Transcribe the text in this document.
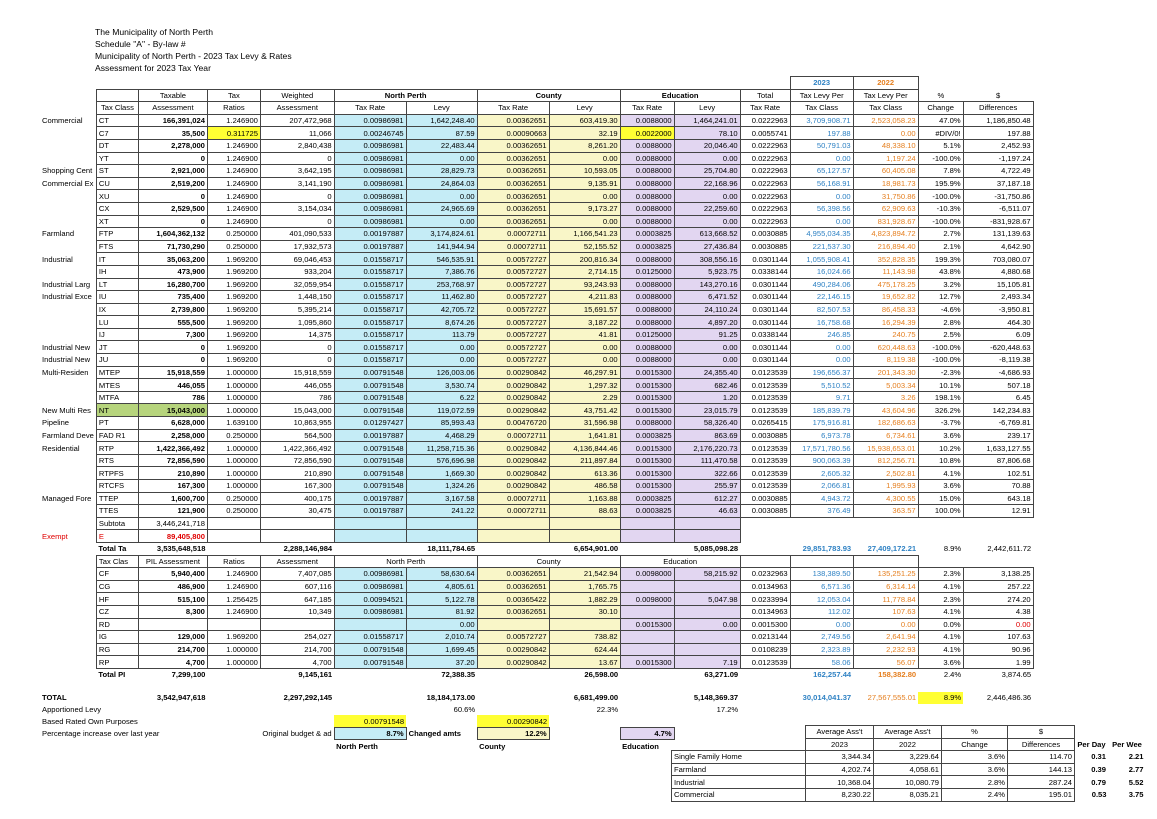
The Municipality of North Perth
Schedule "A" - By-law #
Municipality of North Perth - 2023 Tax Levy & Rates
Assessment for 2023 Tax Year
												2023	2022		
		Taxable	Tax	Weighted	North Perth		County		Education		Total	Tax Levy Per	Tax Levy Per	%	$
	Tax Class	Assessment	Ratios	Assessment	Tax Rate	Levy	Tax Rate	Levy	Tax Rate	Levy	Tax Rate	Tax Class	Tax Class	Change	Differences
Commercial	CT	166,391,024	1.246900	207,472,968	0.00986981	1,642,248.40	0.00362651	603,419.30	0.0088000	1,464,241.01	0.0222963	3,709,908.71	2,523,058.23	47.0%	1,186,850.48
	C7	35,500	0.311725	11,066	0.00246745	87.59	0.00090663	32.19	0.0022000	78.10	0.0055741	197.88	0.00	#DIV/0!	197.88
	DT	2,278,000	1.246900	2,840,438	0.00986981	22,483.44	0.00362651	8,261.20	0.0088000	20,046.40	0.0222963	50,791.03	48,338.10	5.1%	2,452.93
	YT	0	1.246900	0	0.00986981	0.00	0.00362651	0.00	0.0088000	0.00	0.0222963	0.00	1,197.24	-100.0%	-1,197.24
Shopping Cent	ST	2,921,000	1.246900	3,642,195	0.00986981	28,829.73	0.00362651	10,593.05	0.0088000	25,704.80	0.0222963	65,127.57	60,405.08	7.8%	4,722.49
Commercial Ex	CU	2,519,200	1.246900	3,141,190	0.00986981	24,864.03	0.00362651	9,135.91	0.0088000	22,168.96	0.0222963	56,168.91	18,981.73	195.9%	37,187.18
	XU	0	1.246900	0	0.00986981	0.00	0.00362651	0.00	0.0088000	0.00	0.0222963	0.00	31,750.86	-100.0%	-31,750.86
	CX	2,529,500	1.246900	3,154,034	0.00986981	24,965.69	0.00362651	9,173.27	0.0088000	22,259.60	0.0222963	56,398.56	62,909.63	-10.3%	-6,511.07
	XT	0	1.246900	0	0.00986981	0.00	0.00362651	0.00	0.0088000	0.00	0.0222963	0.00	831,928.67	-100.0%	-831,928.67
Farmland	FTP	1,604,362,132	0.250000	401,090,533	0.00197887	3,174,824.61	0.00072711	1,166,541.23	0.0003825	613,668.52	0.0030885	4,955,034.35	4,823,894.72	2.7%	131,139.63
	FTS	71,730,290	0.250000	17,932,573	0.00197887	141,944.94	0.00072711	52,155.52	0.0003825	27,436.84	0.0030885	221,537.30	216,894.40	2.1%	4,642.90
Industrial	IT	35,063,200	1.969200	69,046,453	0.01558717	546,535.91	0.00572727	200,816.34	0.0088000	308,556.16	0.0301144	1,055,908.41	352,828.35	199.3%	703,080.07
	IH	473,900	1.969200	933,204	0.01558717	7,386.76	0.00572727	2,714.15	0.0125000	5,923.75	0.0338144	16,024.66	11,143.98	43.8%	4,880.68
Industrial Larg	LT	16,280,700	1.969200	32,059,954	0.01558717	253,768.97	0.00572727	93,243.93	0.0088000	143,270.16	0.0301144	490,284.06	475,178.25	3.2%	15,105.81
Industrial Exce	IU	735,400	1.969200	1,448,150	0.01558717	11,462.80	0.00572727	4,211.83	0.0088000	6,471.52	0.0301144	22,146.15	19,652.82	12.7%	2,493.34
	IX	2,739,800	1.969200	5,395,214	0.01558717	42,705.72	0.00572727	15,691.57	0.0088000	24,110.24	0.0301144	82,507.53	86,458.33	-4.6%	-3,950.81
	LU	555,500	1.969200	1,095,860	0.01558717	8,674.26	0.00572727	3,187.22	0.0088000	4,897.20	0.0301144	16,758.68	16,294.39	2.8%	464.30
	IJ	7,300	1.969200	14,375	0.01558717	113.79	0.00572727	41.81	0.0125000	91.25	0.0338144	246.85	240.75	2.5%	6.09
Industrial New	JT	0	1.969200	0	0.01558717	0.00	0.00572727	0.00	0.0088000	0.00	0.0301144	0.00	620,448.63	-100.0%	-620,448.63
Industrial New	JU	0	1.969200	0	0.01558717	0.00	0.00572727	0.00	0.0088000	0.00	0.0301144	0.00	8,119.38	-100.0%	-8,119.38
Multi-Residen	MTEP	15,918,559	1.000000	15,918,559	0.00791548	126,003.06	0.00290842	46,297.91	0.0015300	24,355.40	0.0123539	196,656.37	201,343.30	-2.3%	-4,686.93
	MTES	446,055	1.000000	446,055	0.00791548	3,530.74	0.00290842	1,297.32	0.0015300	682.46	0.0123539	5,510.52	5,003.34	10.1%	507.18
	MTFA	786	1.000000	786	0.00791548	6.22	0.00290842	2.29	0.0015300	1.20	0.0123539	9.71	3.26	198.1%	6.45
New Multi Res	NT	15,043,000	1.000000	15,043,000	0.00791548	119,072.59	0.00290842	43,751.42	0.0015300	23,015.79	0.0123539	185,839.79	43,604.96	326.2%	142,234.83
Pipeline	PT	6,628,000	1.639100	10,863,955	0.01297427	85,993.43	0.00476720	31,596.98	0.0088000	58,326.40	0.0265415	175,916.81	182,686.63	-3.7%	-6,769.81
Farmland Deve	FAD R1	2,258,000	0.250000	564,500	0.00197887	4,468.29	0.00072711	1,641.81	0.0003825	863.69	0.0030885	6,973.78	6,734.61	3.6%	239.17
Residential	RTP	1,422,366,492	1.000000	1,422,366,492	0.00791548	11,258,715.36	0.00290842	4,136,844.46	0.0015300	2,176,220.73	0.0123539	17,571,780.56	15,938,653.01	10.2%	1,633,127.55
	RTS	72,856,590	1.000000	72,856,590	0.00791548	576,696.98	0.00290842	211,897.84	0.0015300	111,470.58	0.0123539	900,063.39	812,256.71	10.8%	87,806.68
	RTPFS	210,890	1.000000	210,890	0.00791548	1,669.30	0.00290842	613.36	0.0015300	322.66	0.0123539	2,605.32	2,502.81	4.1%	102.51
	RTCFS	167,300	1.000000	167,300	0.00791548	1,324.26	0.00290842	486.58	0.0015300	255.97	0.0123539	2,066.81	1,995.93	3.6%	70.88
Managed Fore	TTEP	1,600,700	0.250000	400,175	0.00197887	3,167.58	0.00072711	1,163.88	0.0003825	612.27	0.0030885	4,943.72	4,300.55	15.0%	643.18
	TTES	121,900	0.250000	30,475	0.00197887	241.22	0.00072711	88.63	0.0003825	46.63	0.0030885	376.49	363.57	100.0%	12.91
	Subtota	3,446,241,718													
Exempt	E	89,405,800													
	Total Ta	3,535,648,518		2,288,146,984		18,111,784.65		6,654,901.00		5,085,098.28		29,851,783.93	27,409,172.21	8.9%	2,442,611.72
	Tax Clas	PIL Assessment	Ratios	Assessment	North Perth		County		Education						
	CF	5,940,400	1.246900	7,407,085	0.00986981	58,630.64	0.00362651	21,542.94	0.0098000	58,215.92	0.0232963	138,389.50	135,251.25	2.3%	3,138.25
	CG	486,900	1.246900	607,116	0.00986981	4,805.61	0.00362651	1,765.75			0.0134963	6,571.36	6,314.14	4.1%	257.22
	HF	515,100	1.256425	647,185	0.00994521	5,122.78	0.00365422	1,882.29	0.0098000	5,047.98	0.0233994	12,053.04	11,778.84	2.3%	274.20
	CZ	8,300	1.246900	10,349	0.00986981	81.92	0.00362651	30.10			0.0134963	112.02	107.63	4.1%	4.38
	RD					0.00			0.0015300	0.00	0.0015300	0.00	0.00	0.0%	0.00
	IG	129,000	1.969200	254,027	0.01558717	2,010.74	0.00572727	738.82			0.0213144	2,749.56	2,641.94	4.1%	107.63
	RG	214,700	1.000000	214,700	0.00791548	1,699.45	0.00290842	624.44			0.0108239	2,323.89	2,232.93	4.1%	90.96
	RP	4,700	1.000000	4,700	0.00791548	37.20	0.00290842	13.67	0.0015300	7.19	0.0123539	58.06	56.07	3.6%	1.99
	Total PI	7,299,100		9,145,161		72,388.35		26,598.00		63,271.09		162,257.44	158,382.80	2.4%	3,874.65

TOTAL		3,542,947,618		2,297,292,145		18,184,173.00		6,681,499.00		5,148,369.37		30,014,041.37	27,567,555.01	8.9%	2,446,486.36
Apportioned Levy						60.6%		22.3%		17.2%					
Based Rated Own Purposes					0.00791548		0.00290842								
Percentage increase over last year				Original budget & ad	8.7%	Changed amts	12.2%		4.7%						
					North Perth		County		Education						
	Average Ass't	Average Ass't	%	$		
	2023	2022	Change	Differences	Per Day	Per Wee
Single Family Home	3,344.34	3,229.64	3.6%	114.70	0.31	2.21
Farmland	4,202.74	4,058.61	3.6%	144.13	0.39	2.77
Industrial	10,368.04	10,080.79	2.8%	287.24	0.79	5.52
Commercial	8,230.22	8,035.21	2.4%	195.01	0.53	3.75
